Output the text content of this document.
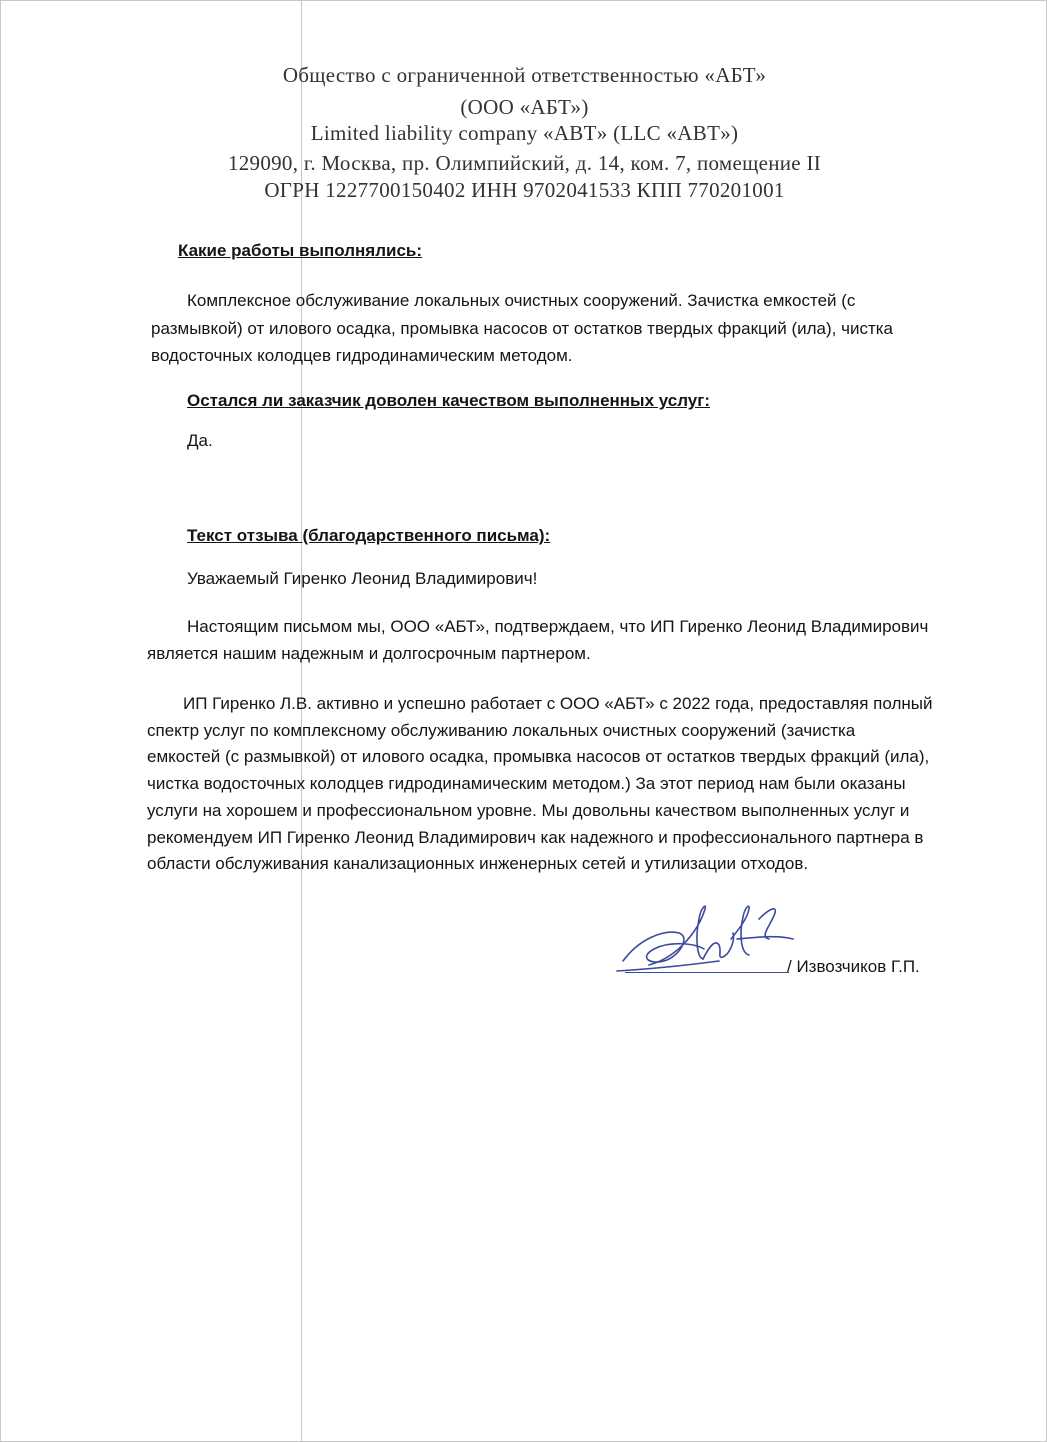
Общество с ограниченной ответственностью «АБТ»
(ООО «АБТ»)
Limited liability company «ABT» (LLC «ABT»)
129090, г. Москва, пр. Олимпийский, д. 14, ком. 7, помещение II
ОГРН 1227700150402 ИНН 9702041533 КПП 770201001
Какие работы выполнялись:
Комплексное обслуживание локальных очистных сооружений. Зачистка емкостей (с
размывкой) от илового осадка, промывка насосов от остатков твердых фракций (ила), чистка
водосточных колодцев гидродинамическим методом.
Остался ли заказчик доволен качеством выполненных услуг:
Да.
Текст отзыва (благодарственного письма):
Уважаемый Гиренко Леонид Владимирович!
Настоящим письмом мы, ООО «АБТ», подтверждаем, что ИП Гиренко Леонид Владимирович
является нашим надежным и долгосрочным партнером.
ИП Гиренко Л.В. активно и успешно работает с ООО «АБТ» с 2022 года, предоставляя полный
спектр услуг по комплексному обслуживанию локальных очистных сооружений (зачистка
емкостей (с размывкой) от илового осадка, промывка насосов от остатков твердых фракций (ила),
чистка водосточных колодцев гидродинамическим методом.) За этот период нам были оказаны
услуги на хорошем и профессиональном уровне. Мы довольны качеством выполненных услуг и
рекомендуем ИП Гиренко Леонид Владимирович как надежного и профессионального партнера в
области обслуживания канализационных инженерных сетей и утилизации отходов.
/ Извозчиков Г.П.
